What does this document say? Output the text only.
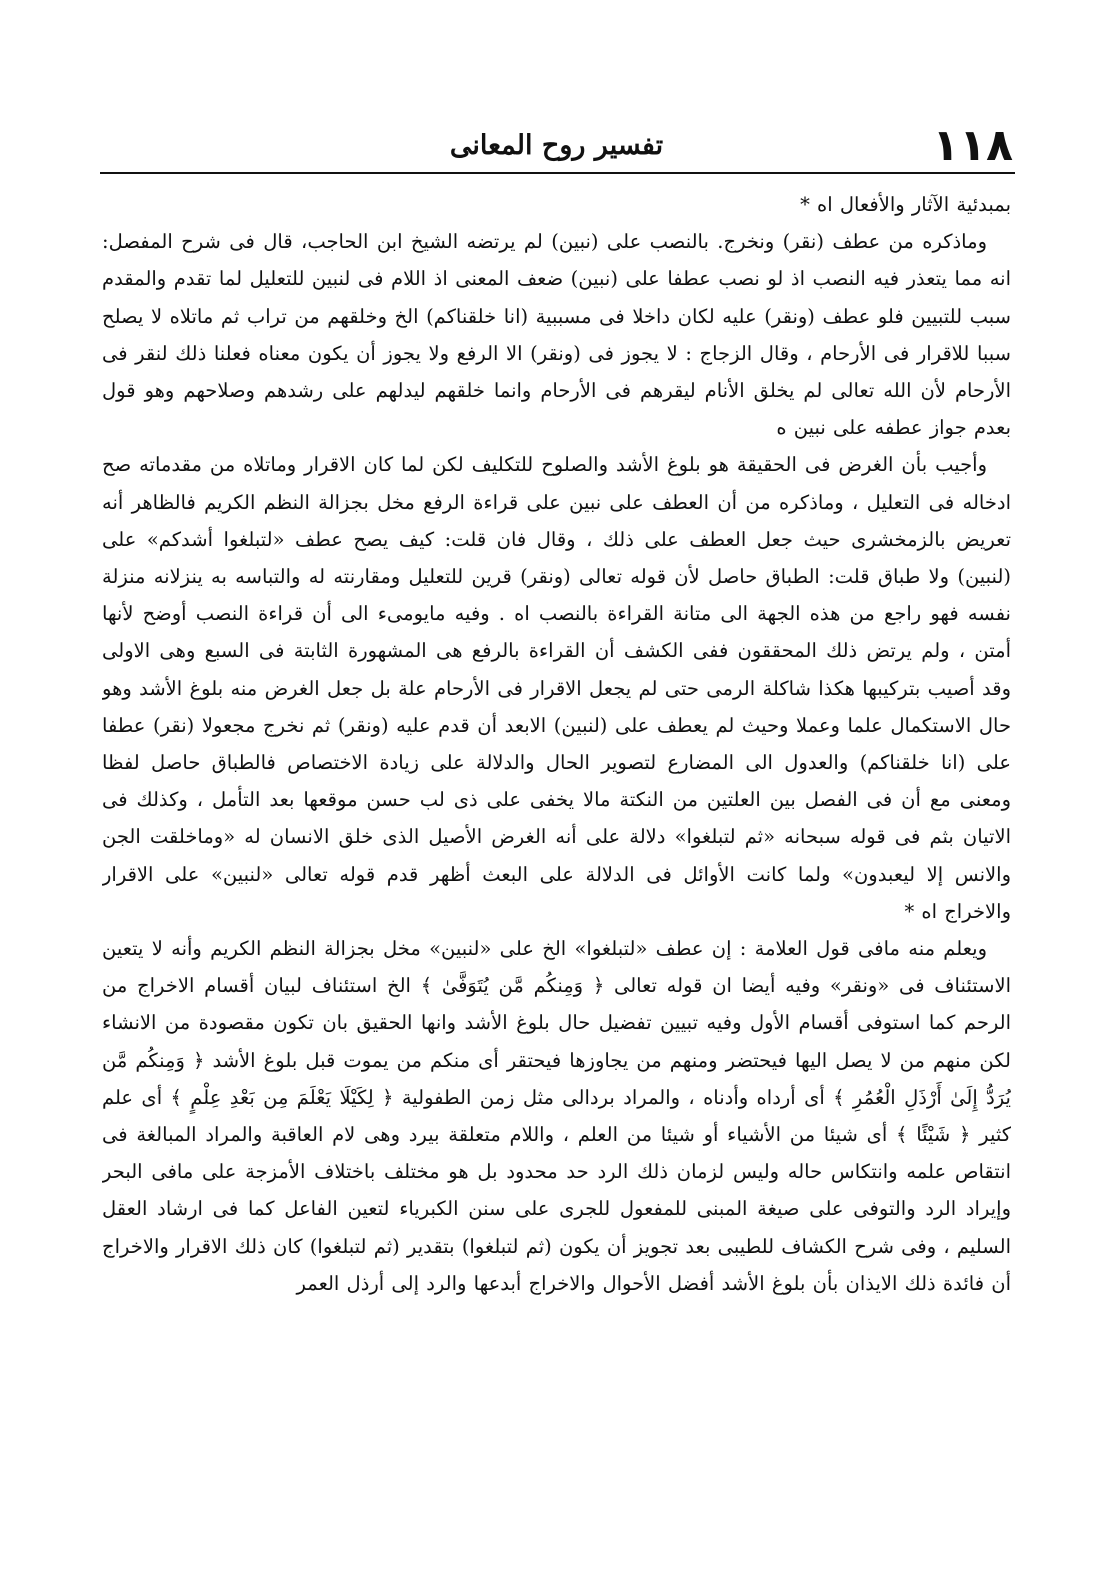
١١٨
تفسير روح المعانى

بمبدئية الآثار والأفعال اه *

وماذكره من عطف (نقر) ونخرج. بالنصب على (نبين) لم يرتضه الشيخ ابن الحاجب، قال فى شرح المفصل: انه مما يتعذر فيه النصب اذ لو نصب عطفا على (نبين) ضعف المعنى اذ اللام فى لنبين للتعليل لما تقدم والمقدم سبب للتبيين فلو عطف (ونقر) عليه لكان داخلا فى مسببية (انا خلقناكم) الخ وخلقهم من تراب ثم ماتلاه لا يصلح سببا للاقرار فى الأرحام ، وقال الزجاج : لا يجوز فى (ونقر) الا الرفع ولا يجوز أن يكون معناه فعلنا ذلك لنقر فى الأرحام لأن الله تعالى لم يخلق الأنام ليقرهم فى الأرحام وانما خلقهم ليدلهم على رشدهم وصلاحهم وهو قول بعدم جواز عطفه على نبين ه

وأجيب بأن الغرض فى الحقيقة هو بلوغ الأشد والصلوح للتكليف لكن لما كان الاقرار وماتلاه من مقدماته صح ادخاله فى التعليل ، وماذكره من أن العطف على نبين على قراءة الرفع مخل بجزالة النظم الكريم فالظاهر أنه تعريض بالزمخشرى حيث جعل العطف على ذلك ، وقال فان قلت: كيف يصح عطف «لتبلغوا أشدكم» على (لنبين) ولا طباق قلت: الطباق حاصل لأن قوله تعالى (ونقر) قرين للتعليل ومقارنته له والتباسه به ينزلانه منزلة نفسه فهو راجع من هذه الجهة الى متانة القراءة بالنصب اه . وفيه مايومىء الى أن قراءة النصب أوضح لأنها أمتن ، ولم يرتض ذلك المحققون ففى الكشف أن القراءة بالرفع هى المشهورة الثابتة فى السبع وهى الاولى وقد أصيب بتركيبها هكذا شاكلة الرمى حتى لم يجعل الاقرار فى الأرحام علة بل جعل الغرض منه بلوغ الأشد وهو حال الاستكمال علما وعملا وحيث لم يعطف على (لنبين) الابعد أن قدم عليه (ونقر) ثم نخرج مجعولا (نقر) عطفا على (انا خلقناكم) والعدول الى المضارع لتصوير الحال والدلالة على زيادة الاختصاص فالطباق حاصل لفظا ومعنى مع أن فى الفصل بين العلتين من النكتة مالا يخفى على ذى لب حسن موقعها بعد التأمل ، وكذلك فى الاتيان بثم فى قوله سبحانه «ثم لتبلغوا» دلالة على أنه الغرض الأصيل الذى خلق الانسان له «وماخلقت الجن والانس إلا ليعبدون» ولما كانت الأوائل فى الدلالة على البعث أظهر قدم قوله تعالى «لنبين» على الاقرار والاخراج اه *

ويعلم منه مافى قول العلامة : إن عطف «لتبلغوا» الخ على «لنبين» مخل بجزالة النظم الكريم وأنه لا يتعين الاستئناف فى «ونقر» وفيه أيضا ان قوله تعالى ﴿ وَمِنكُم مَّن يُتَوَفَّىٰ ﴾ الخ استئناف لبيان أقسام الاخراج من الرحم كما استوفى أقسام الأول وفيه تبيين تفضيل حال بلوغ الأشد وانها الحقيق بان تكون مقصودة من الانشاء لكن منهم من لا يصل اليها فيحتضر ومنهم من يجاوزها فيحتقر أى منكم من يموت قبل بلوغ الأشد ﴿ وَمِنكُم مَّن يُرَدُّ إِلَىٰ أَرْذَلِ الْعُمُرِ ﴾ أى أرداه وأدناه ، والمراد بردالى مثل زمن الطفولية ﴿ لِكَيْلَا يَعْلَمَ مِن بَعْدِ عِلْمٍ ﴾ أى علم كثير ﴿ شَيْئًا ﴾ أى شيئا من الأشياء أو شيئا من العلم ، واللام متعلقة بيرد وهى لام العاقبة والمراد المبالغة فى انتقاص علمه وانتكاس حاله وليس لزمان ذلك الرد حد محدود بل هو مختلف باختلاف الأمزجة على مافى البحر وإيراد الرد والتوفى على صيغة المبنى للمفعول للجرى على سنن الكبرياء لتعين الفاعل كما فى ارشاد العقل السليم ، وفى شرح الكشاف للطيبى بعد تجويز أن يكون (ثم لتبلغوا) بتقدير (ثم لتبلغوا) كان ذلك الاقرار والاخراج أن فائدة ذلك الايذان بأن بلوغ الأشد أفضل الأحوال والاخراج أبدعها والرد إلى أرذل العمر
